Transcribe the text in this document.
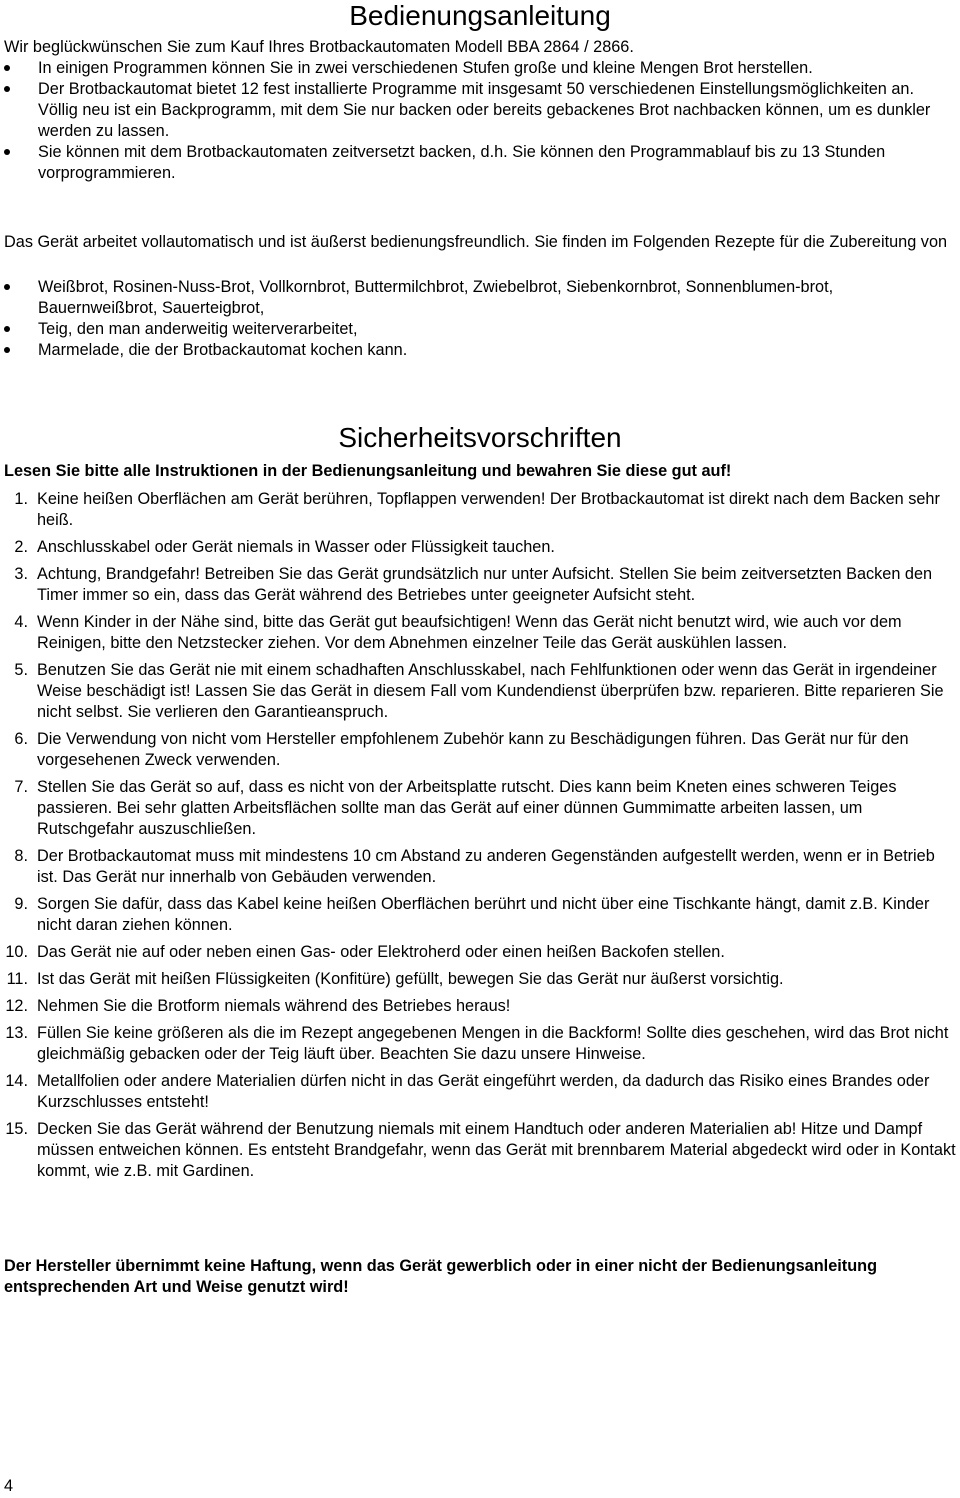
Bedienungsanleitung

Wir beglückwünschen Sie zum Kauf Ihres Brotbackautomaten Modell BBA 2864 / 2866.

In einigen Programmen können Sie in zwei verschiedenen Stufen große und kleine Mengen Brot herstellen.
Der Brotbackautomat bietet 12 fest installierte Programme mit insgesamt 50 verschiedenen Einstellungsmöglichkeiten an. Völlig neu ist ein Backprogramm, mit dem Sie nur backen oder bereits gebackenes Brot nachbacken können, um es dunkler werden zu lassen.
Sie können mit dem Brotbackautomaten zeitversetzt backen, d.h. Sie können den Programmablauf bis zu 13 Stunden vorprogrammieren.

Das Gerät arbeitet vollautomatisch und ist äußerst bedienungsfreundlich. Sie finden im Folgenden Rezepte für die Zubereitung von

Weißbrot, Rosinen-Nuss-Brot, Vollkornbrot, Buttermilchbrot, Zwiebelbrot, Siebenkornbrot, Sonnenblumen-brot, Bauernweißbrot, Sauerteigbrot,
Teig, den man anderweitig weiterverarbeitet,
Marmelade, die der Brotbackautomat kochen kann.
Sicherheitsvorschriften

Lesen Sie bitte alle Instruktionen in der Bedienungsanleitung und bewahren Sie diese gut auf!

1. Keine heißen Oberflächen am Gerät berühren, Topflappen verwenden! Der Brotbackautomat ist direkt nach dem Backen sehr heiß.
2. Anschlusskabel oder Gerät niemals in Wasser oder Flüssigkeit tauchen.
3. Achtung, Brandgefahr! Betreiben Sie das Gerät grundsätzlich nur unter Aufsicht. Stellen Sie beim zeitversetzten Backen den Timer immer so ein, dass das Gerät während des Betriebes unter geeigneter Aufsicht steht.
4. Wenn Kinder in der Nähe sind, bitte das Gerät gut beaufsichtigen! Wenn das Gerät nicht benutzt wird, wie auch vor dem Reinigen, bitte den Netzstecker ziehen. Vor dem Abnehmen einzelner Teile das Gerät auskühlen lassen.
5. Benutzen Sie das Gerät nie mit einem schadhaften Anschlusskabel, nach Fehlfunktionen oder wenn das Gerät in irgendeiner Weise beschädigt ist! Lassen Sie das Gerät in diesem Fall vom Kundendienst überprüfen bzw. reparieren. Bitte reparieren Sie nicht selbst. Sie verlieren den Garantieanspruch.
6. Die Verwendung von nicht vom Hersteller empfohlenem Zubehör kann zu Beschädigungen führen. Das Gerät nur für den vorgesehenen Zweck verwenden.
7. Stellen Sie das Gerät so auf, dass es nicht von der Arbeitsplatte rutscht. Dies kann beim Kneten eines schweren Teiges passieren. Bei sehr glatten Arbeitsflächen sollte man das Gerät auf einer dünnen Gummimatte arbeiten lassen, um Rutschgefahr auszuschließen.
8. Der Brotbackautomat muss mit mindestens 10 cm Abstand zu anderen Gegenständen aufgestellt werden, wenn er in Betrieb ist. Das Gerät nur innerhalb von Gebäuden verwenden.
9. Sorgen Sie dafür, dass das Kabel keine heißen Oberflächen berührt und nicht über eine Tischkante hängt, damit z.B. Kinder nicht daran ziehen können.
10. Das Gerät nie auf oder neben einen Gas- oder Elektroherd oder einen heißen Backofen stellen.
11. Ist das Gerät mit heißen Flüssigkeiten (Konfitüre) gefüllt, bewegen Sie das Gerät nur äußerst vorsichtig.
12. Nehmen Sie die Brotform niemals während des Betriebes heraus!
13. Füllen Sie keine größeren als die im Rezept angegebenen Mengen in die Backform! Sollte dies geschehen, wird das Brot nicht gleichmäßig gebacken oder der Teig läuft über. Beachten Sie dazu unsere Hinweise.
14. Metallfolien oder andere Materialien dürfen nicht in das Gerät eingeführt werden, da dadurch das Risiko eines Brandes oder Kurzschlusses entsteht!
15. Decken Sie das Gerät während der Benutzung niemals mit einem Handtuch oder anderen Materialien ab! Hitze und Dampf müssen entweichen können. Es entsteht Brandgefahr, wenn das Gerät mit brennbarem Material abgedeckt wird oder in Kontakt kommt, wie z.B. mit Gardinen.

Der Hersteller übernimmt keine Haftung, wenn das Gerät gewerblich oder in einer nicht der Bedienungsanleitung entsprechenden Art und Weise genutzt wird!

4
